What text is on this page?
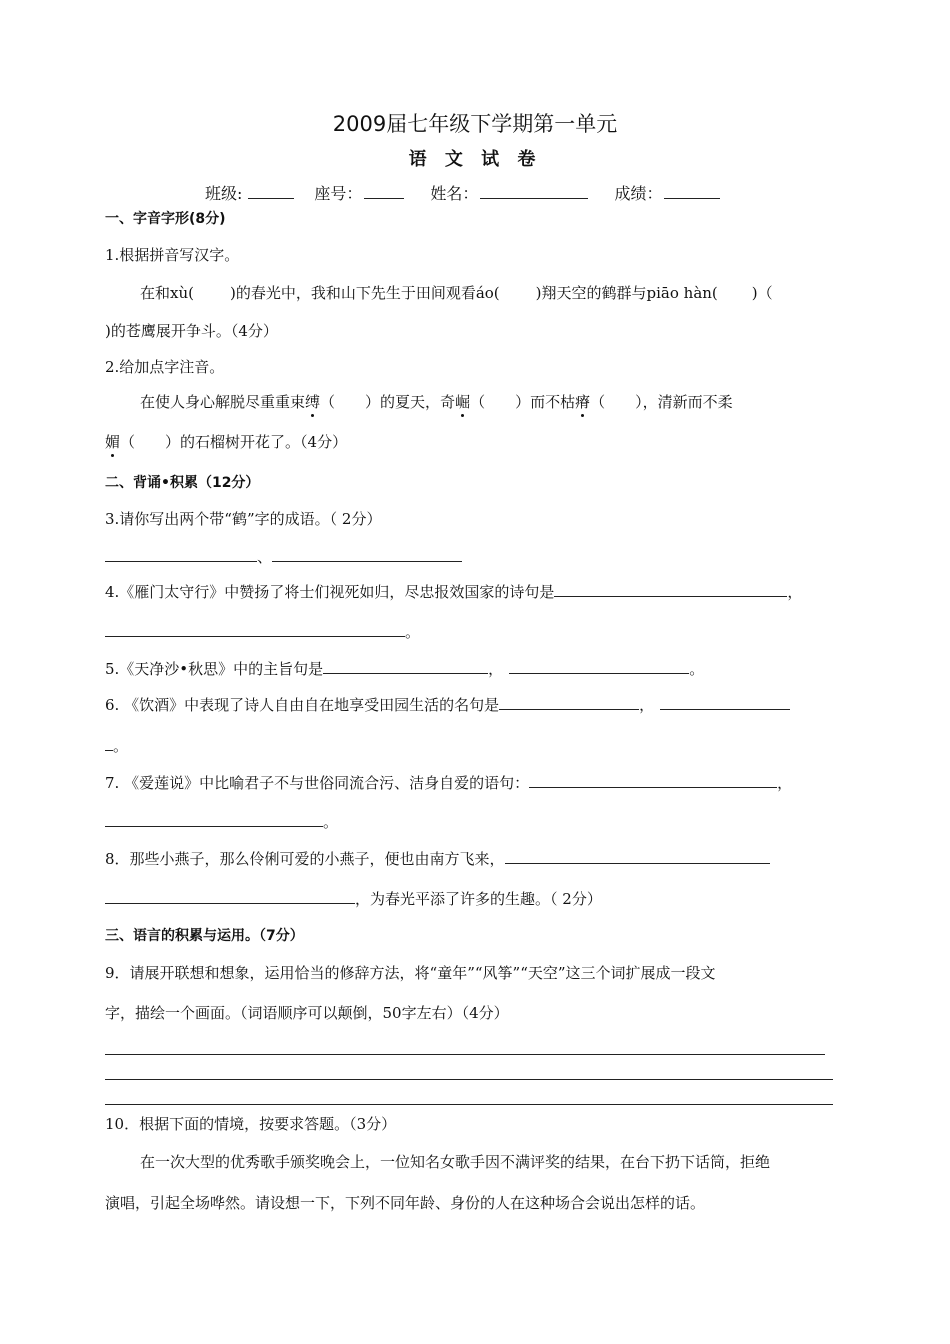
2009届七年级下学期第一单元
语 文 试 卷
班级:	座号：	姓名：	成绩：
一、字音字形(8分)
1.根据拼音写汉字。
在和xù( )的春光中，我和山下先生于田间观看áo( )翔天空的鹤群与piāo hàn( )（
)的苍鹰展开争斗。（4分）
2.给加点字注音。
在使人身心解脱尽重重束缚（ ）的夏天，奇崛（ ）而不枯瘠（ ），清新而不柔
媚（ ）的石榴树开花了。（4分）
二、背诵•积累（12分）
3.请你写出两个带“鹤”字的成语。（ 2分）
、
4.《雁门太守行》中赞扬了将士们视死如归，尽忠报效国家的诗句是	，
。
5.《天净沙•秋思》中的主旨句是	，	。
6. 《饮酒》中表现了诗人自由自在地享受田园生活的名句是	，
。
7. 《爱莲说》中比喻君子不与世俗同流合污、洁身自爱的语句：	，
。
8．那些小燕子，那么伶俐可爱的小燕子，便也由南方飞来，
，为春光平添了许多的生趣。（ 2分）
三、语言的积累与运用。（7分）
9．请展开联想和想象，运用恰当的修辞方法，将“童年”“风筝”“天空”这三个词扩展成一段文
字，描绘一个画面。（词语顺序可以颠倒，50字左右）（4分）
10．根据下面的情境，按要求答题。（3分）
在一次大型的优秀歌手颁奖晚会上，一位知名女歌手因不满评奖的结果，在台下扔下话筒，拒绝
演唱，引起全场哗然。请设想一下，下列不同年龄、身份的人在这种场合会说出怎样的话。
